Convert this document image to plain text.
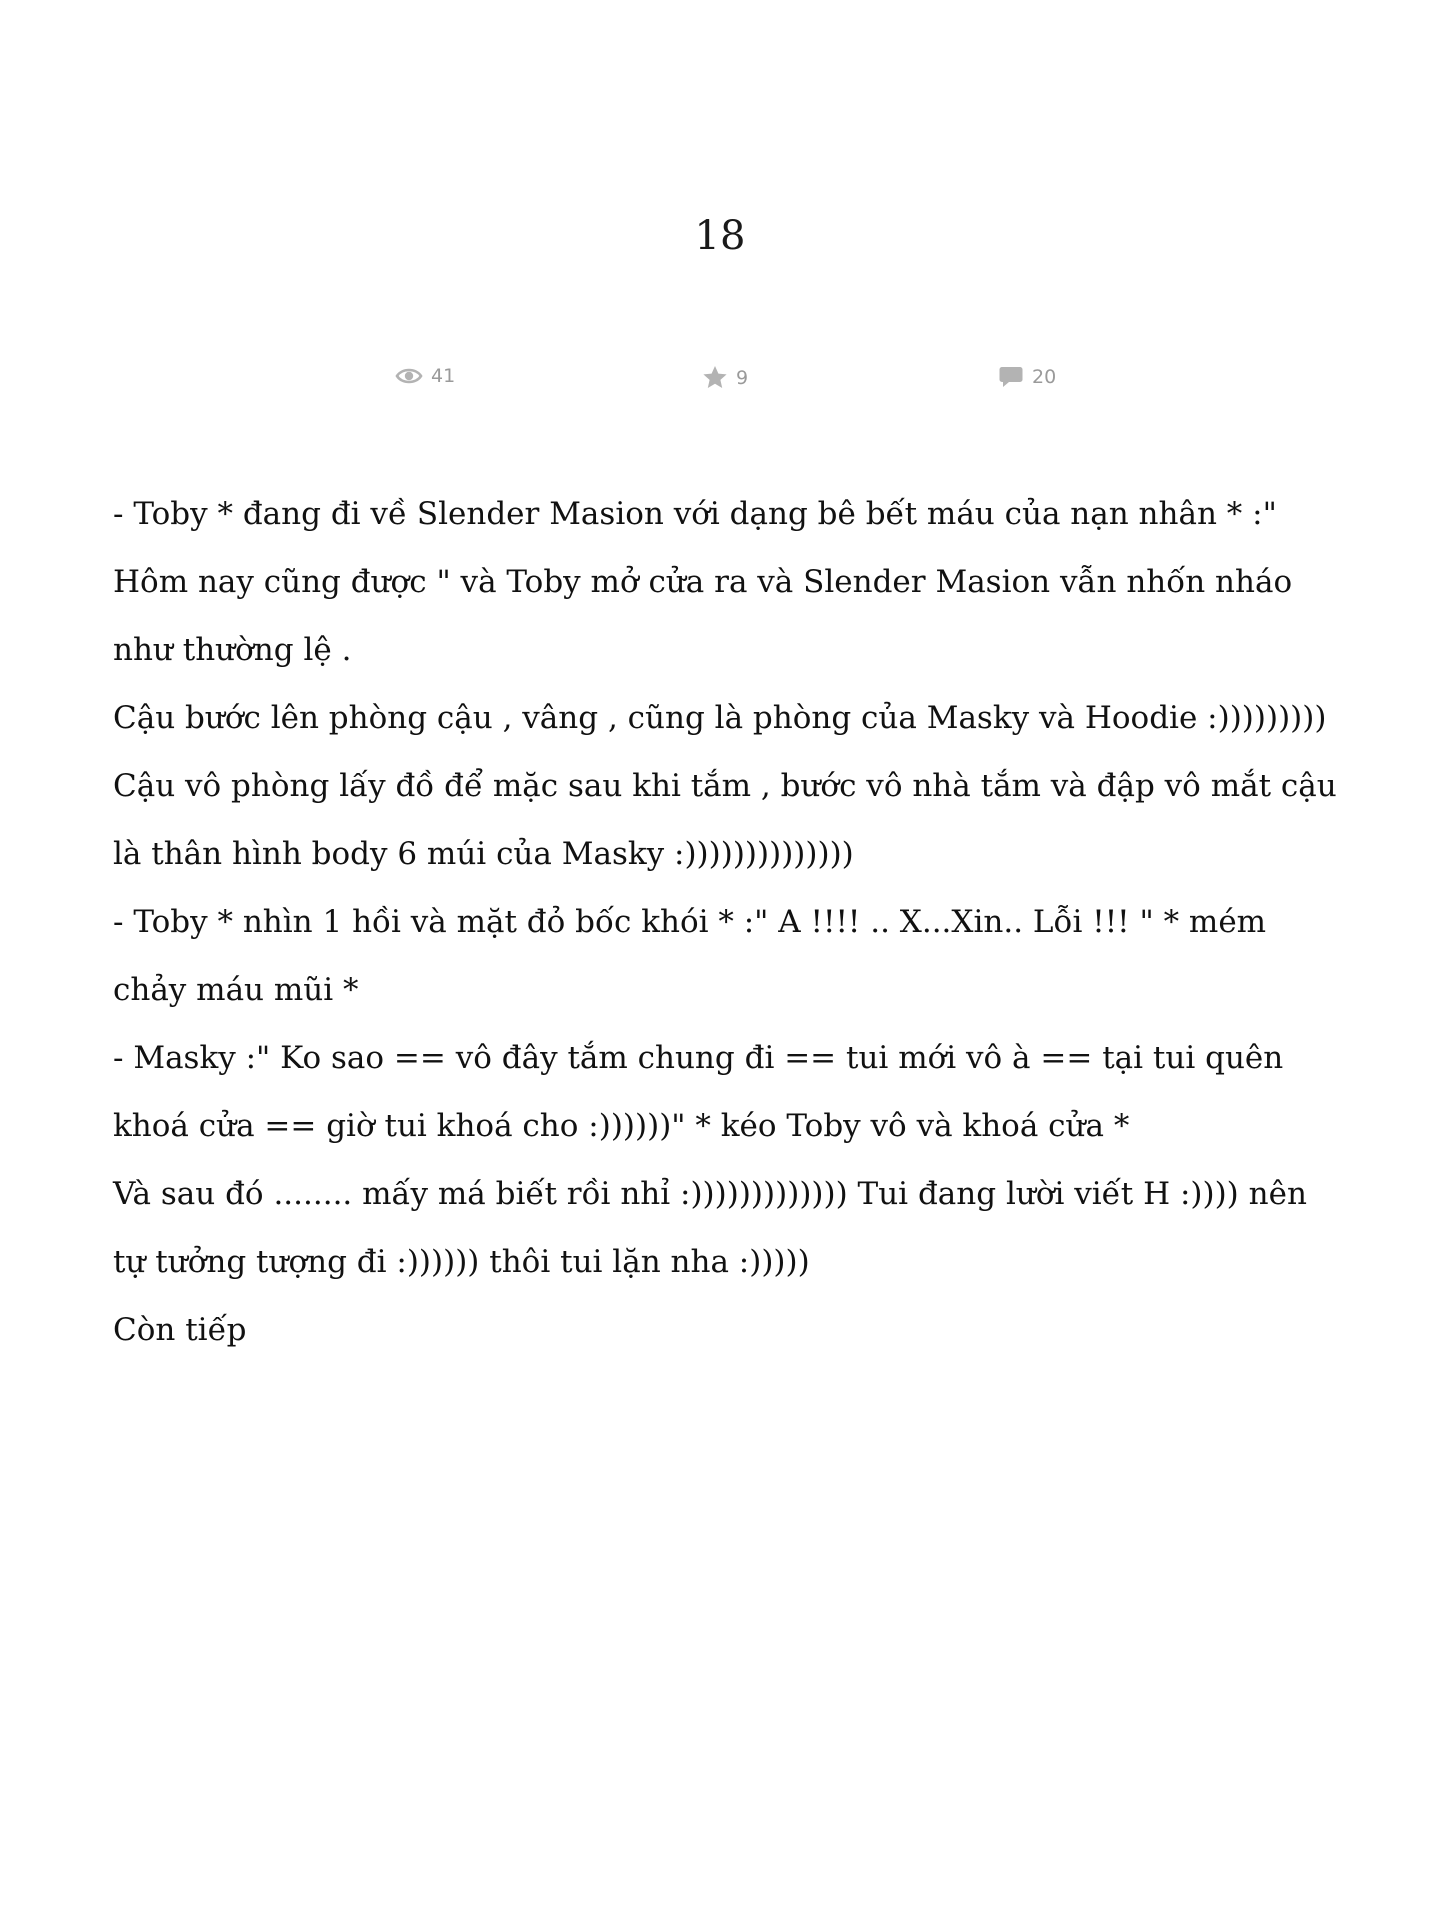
18
41	9	20

- Toby * đang đi về Slender Masion với dạng bê bết máu của nạn nhân * :" Hôm nay cũng được " và Toby mở cửa ra và Slender Masion vẫn nhốn nháo như thường lệ .

Cậu bước lên phòng cậu , vâng , cũng là phòng của Masky và Hoodie :))))))))) Cậu vô phòng lấy đồ để mặc sau khi tắm , bước vô nhà tắm và đập vô mắt cậu là thân hình body 6 múi của Masky :))))))))))))))

- Toby * nhìn 1 hồi và mặt đỏ bốc khói * :" A !!!! .. X...Xin.. Lỗi !!! " * mém chảy máu mũi *

- Masky :" Ko sao == vô đây tắm chung đi == tui mới vô à == tại tui quên khoá cửa == giờ tui khoá cho :))))))" * kéo Toby vô và khoá cửa *

Và sau đó ........ mấy má biết rồi nhỉ :))))))))))))) Tui đang lười viết H :)))) nên tự tưởng tượng đi :)))))) thôi tui lặn nha :)))))

Còn tiếp
